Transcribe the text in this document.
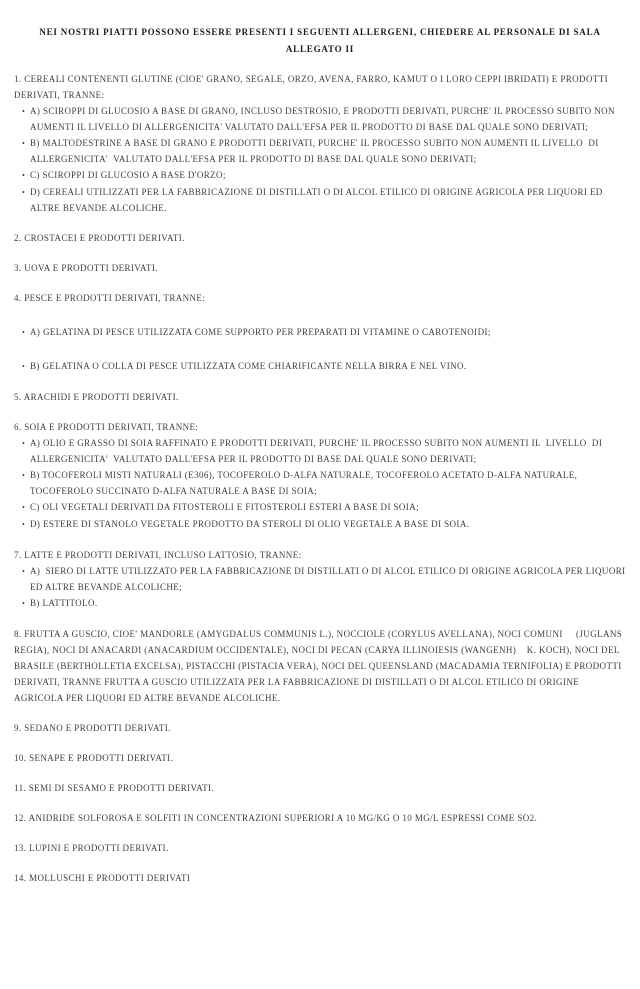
NEI NOSTRI PIATTI POSSONO ESSERE PRESENTI I SEGUENTI ALLERGENI, CHIEDERE AL PERSONALE DI SALA

ALLEGATO II

1. CEREALI CONTENENTI GLUTINE (CIOE' GRANO, SEGALE, ORZO, AVENA, FARRO, KAMUT O I LORO CEPPI IBRIDATI) E PRODOTTI DERIVATI, TRANNE:

•
A) SCIROPPI DI GLUCOSIO A BASE DI GRANO, INCLUSO DESTROSIO, E PRODOTTI DERIVATI, PURCHE' IL PROCESSO SUBITO NON AUMENTI IL LIVELLO DI ALLERGENICITA' VALUTATO DALL'EFSA PER IL PRODOTTO DI BASE DAL QUALE SONO DERIVATI;
•
B) MALTODESTRINE A BASE DI GRANO E PRODOTTI DERIVATI, PURCHE' IL PROCESSO SUBITO NON AUMENTI IL LIVELLO  DI  ALLERGENICITA'  VALUTATO DALL'EFSA PER IL PRODOTTO DI BASE DAL QUALE SONO DERIVATI;
•
C) SCIROPPI DI GLUCOSIO A BASE D'ORZO;
•
D) CEREALI UTILIZZATI PER LA FABBRICAZIONE DI DISTILLATI O DI ALCOL ETILICO DI ORIGINE AGRICOLA PER LIQUORI ED ALTRE BEVANDE ALCOLICHE.

2. CROSTACEI E PRODOTTI DERIVATI.

3. UOVA E PRODOTTI DERIVATI.

4. PESCE E PRODOTTI DERIVATI, TRANNE:

•
A) GELATINA DI PESCE UTILIZZATA COME SUPPORTO PER PREPARATI DI VITAMINE O CAROTENOIDI;
•
B) GELATINA O COLLA DI PESCE UTILIZZATA COME CHIARIFICANTE NELLA BIRRA E NEL VINO.

5. ARACHIDI E PRODOTTI DERIVATI.

6. SOIA E PRODOTTI DERIVATI, TRANNE:

•
A) OLIO E GRASSO DI SOIA RAFFINATO E PRODOTTI DERIVATI, PURCHE' IL PROCESSO SUBITO NON AUMENTI IL  LIVELLO  DI  ALLERGENICITA'  VALUTATO DALL'EFSA PER IL PRODOTTO DI BASE DAL QUALE SONO DERIVATI;
•
B) TOCOFEROLI MISTI NATURALI (E306), TOCOFEROLO D-ALFA NATURALE, TOCOFEROLO ACETATO D-ALFA NATURALE, TOCOFEROLO SUCCINATO D-ALFA NATURALE A BASE DI SOIA;
•
C) OLI VEGETALI DERIVATI DA FITOSTEROLI E FITOSTEROLI ESTERI A BASE DI SOIA;
•
D) ESTERE DI STANOLO VEGETALE PRODOTTO DA STEROLI DI OLIO VEGETALE A BASE DI SOIA.

7. LATTE E PRODOTTI DERIVATI, INCLUSO LATTOSIO, TRANNE:

•
A)  SIERO DI LATTE UTILIZZATO PER LA FABBRICAZIONE DI DISTILLATI O DI ALCOL ETILICO DI ORIGINE AGRICOLA PER LIQUORI ED ALTRE BEVANDE ALCOLICHE;
•
B) LATTITOLO.

8. FRUTTA A GUSCIO, CIOE' MANDORLE (AMYGDALUS COMMUNIS L.), NOCCIOLE (CORYLUS AVELLANA), NOCI COMUNI     (JUGLANS REGIA), NOCI DI ANACARDI (ANACARDIUM OCCIDENTALE), NOCI DI PECAN (CARYA ILLINOIESIS (WANGENH)    K. KOCH), NOCI DEL BRASILE (BERTHOLLETIA EXCELSA), PISTACCHI (PISTACIA VERA), NOCI DEL QUEENSLAND (MACADAMIA TERNIFOLIA) E PRODOTTI DERIVATI, TRANNE FRUTTA A GUSCIO UTILIZZATA PER LA FABBRICAZIONE DI DISTILLATI O DI ALCOL ETILICO DI ORIGINE AGRICOLA PER LIQUORI ED ALTRE BEVANDE ALCOLICHE.

9. SEDANO E PRODOTTI DERIVATI.

10. SENAPE E PRODOTTI DERIVATI.

11. SEMI DI SESAMO E PRODOTTI DERIVATI.

12. ANIDRIDE SOLFOROSA E SOLFITI IN CONCENTRAZIONI SUPERIORI A 10 MG/KG O 10 MG/L ESPRESSI COME SO2.

13. LUPINI E PRODOTTI DERIVATI.

14. MOLLUSCHI E PRODOTTI DERIVATI
